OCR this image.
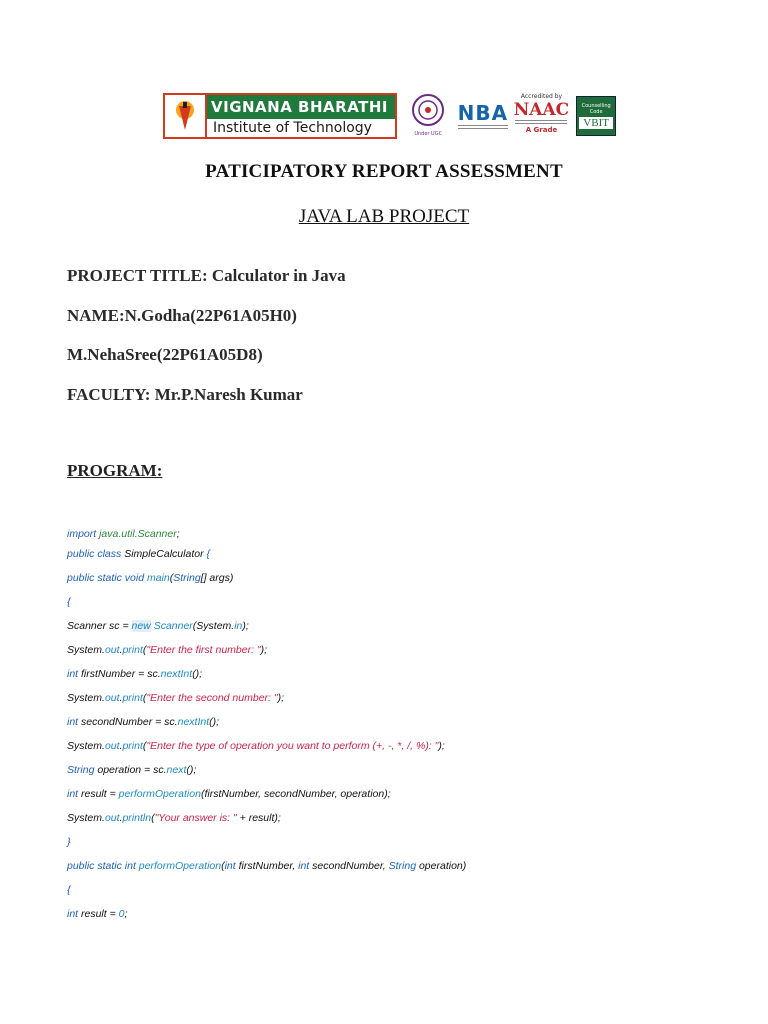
VIGNANA BHARATHI
Institute of Technology	Under UGC
NBA
Accredited by
NAAC
A Grade
Counselling Code
VBIT
PATICIPATORY REPORT ASSESSMENT
JAVA LAB PROJECT
PROJECT TITLE: Calculator in Java
NAME:N.Godha(22P61A05H0)
M.NehaSree(22P61A05D8)
FACULTY: Mr.P.Naresh Kumar
PROGRAM:
import java.util.Scanner;
public class SimpleCalculator {
public static void main(String[] args)
{
Scanner sc = new Scanner(System.in);
System.out.print("Enter the first number: ");
int firstNumber = sc.nextInt();
System.out.print("Enter the second number: ");
int secondNumber = sc.nextInt();
System.out.print("Enter the type of operation you want to perform (+, -, *, /, %): ");
String operation = sc.next();
int result = performOperation(firstNumber, secondNumber, operation);
System.out.println("Your answer is: " + result);
}
public static int performOperation(int firstNumber, int secondNumber, String operation)
{
int result = 0;
